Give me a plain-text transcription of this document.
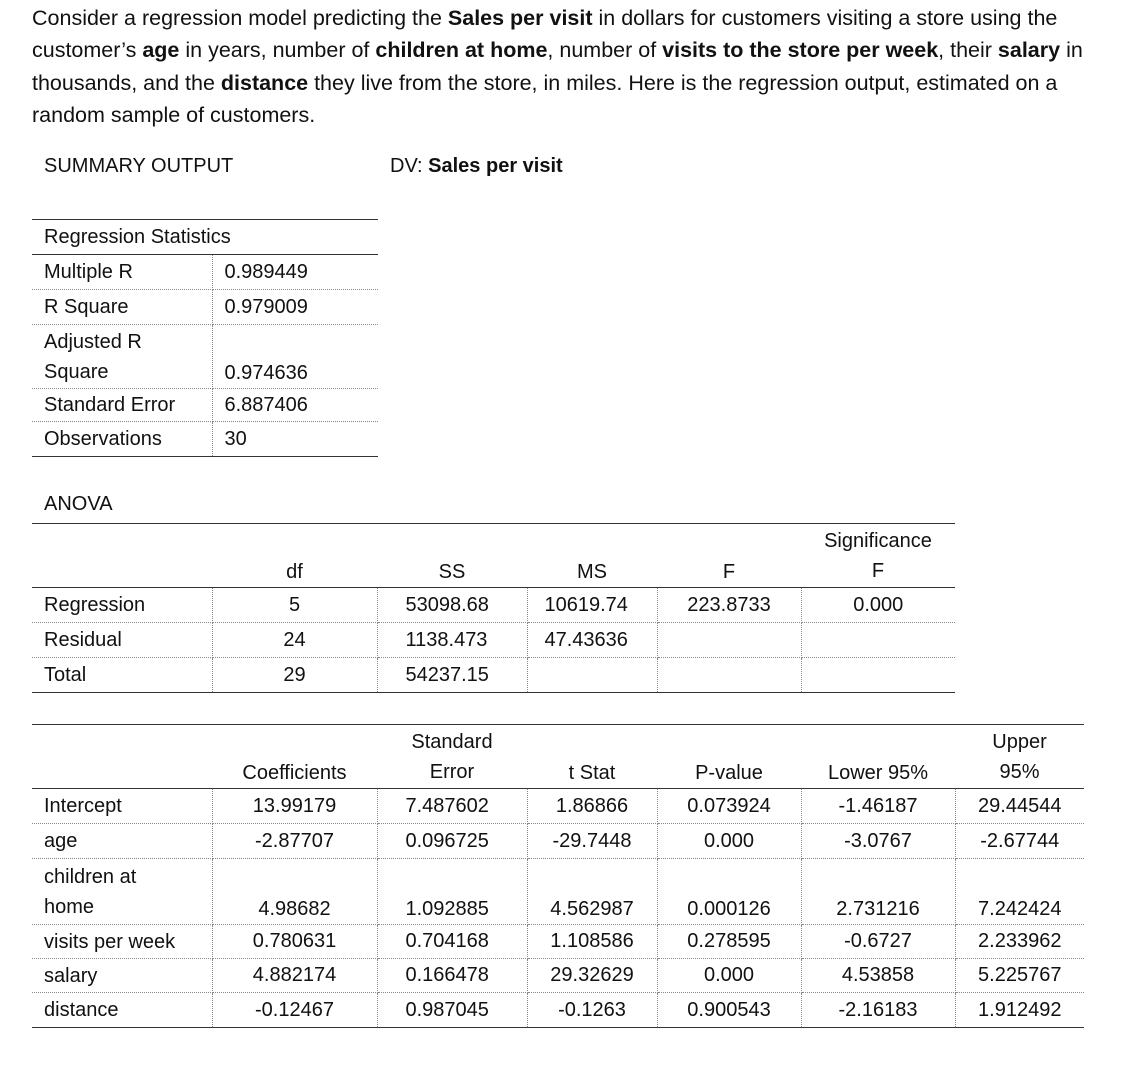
Consider a regression model predicting the Sales per visit in dollars for customers visiting a store using the customer’s age in years, number of children at home, number of visits to the store per week, their salary in thousands, and the distance they live from the store, in miles. Here is the regression output, estimated on a random sample of customers.
SUMMARY OUTPUT	DV: Sales per visit
Regression Statistics	
Multiple R	0.989449
R Square	0.979009

Adjusted R Square	0.974636
Standard Error	6.887406
Observations	30
ANOVA
	df	SS	MS	F	Significance F

Regression	5	53098.68	10619.74	223.8733	0.000
Residual	24	1138.473	47.43636		
Total	29	54237.15			
	Coefficients	Standard Error	t Stat	P-value	Lower 95%	Upper 95%

Intercept	13.99179	7.487602	1.86866	0.073924	-1.46187	29.44544
age	-2.87707	0.096725	-29.7448	0.000	-3.0767	-2.67744

children at home	4.98682	1.092885	4.562987	0.000126	2.731216	7.242424
visits per week	0.780631	0.704168	1.108586	0.278595	-0.6727	2.233962
salary	4.882174	0.166478	29.32629	0.000	4.53858	5.225767
distance	-0.12467	0.987045	-0.1263	0.900543	-2.16183	1.912492
